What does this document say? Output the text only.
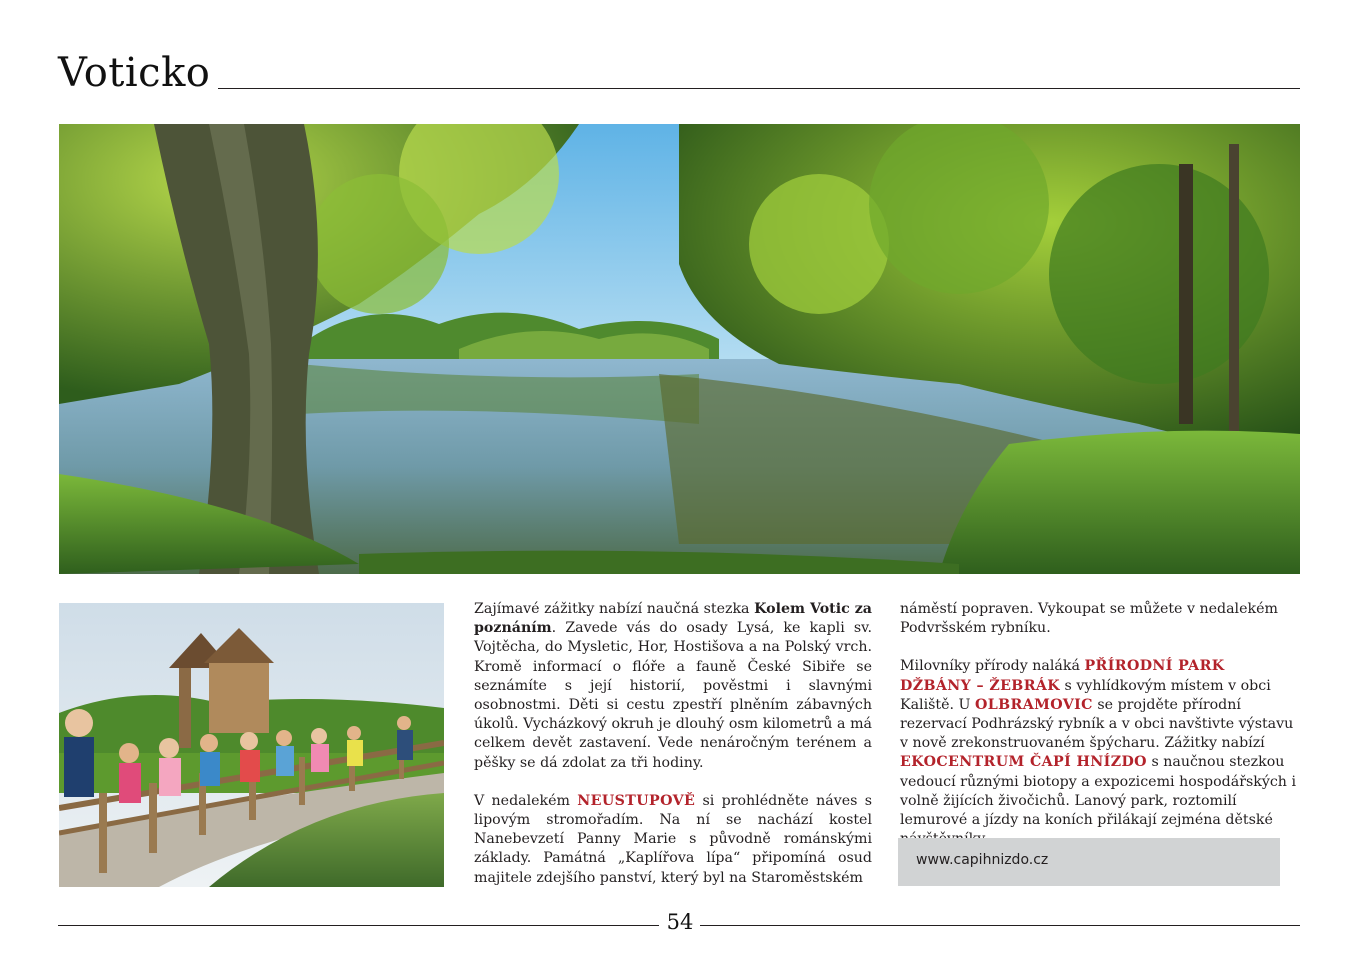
Voticko

Zajímavé zážitky nabízí naučná stezka Kolem Votic za poznáním. Zavede vás do osady Lysá, ke kapli sv. Vojtěcha, do Mysletic, Hor, Hostišova a na Polský vrch. Kromě informací o flóře a fauně České Sibiře se seznámíte s její historií, pověstmi i slavnými osobnostmi. Děti si cestu zpestří plněním zábavných úkolů. Vycházkový okruh je dlouhý osm kilometrů a má celkem devět zastavení. Vede nenáročným terénem a pěšky se dá zdolat za tři hodiny.

V nedalekém NEUSTUPOVĚ si prohlédněte náves s lipovým stromořadím. Na ní se nachází kostel Nanebevzetí Panny Marie s původně románskými základy. Památná „Kaplířova lípa“ připomíná osud majitele zdejšího panství, který byl na Staroměstském

náměstí popraven. Vykoupat se můžete v nedalekém Podvršském rybníku.

Milovníky přírody naláká PŘÍRODNÍ PARK DŽBÁNY – ŽEBRÁK s vyhlídkovým místem v obci Kaliště. U OLBRAMOVIC se projděte přírodní rezervací Podhrázský rybník a v obci navštivte výstavu v nově zrekonstruovaném špýcharu. Zážitky nabízí EKOCENTRUM ČAPÍ HNÍZDO s naučnou stezkou vedoucí různými biotopy a expozicemi hospodářských i volně žijících živočichů. Lanový park, roztomilí lemurové a jízdy na koních přilákají zejména dětské

www.capihnizdo.cz
54
